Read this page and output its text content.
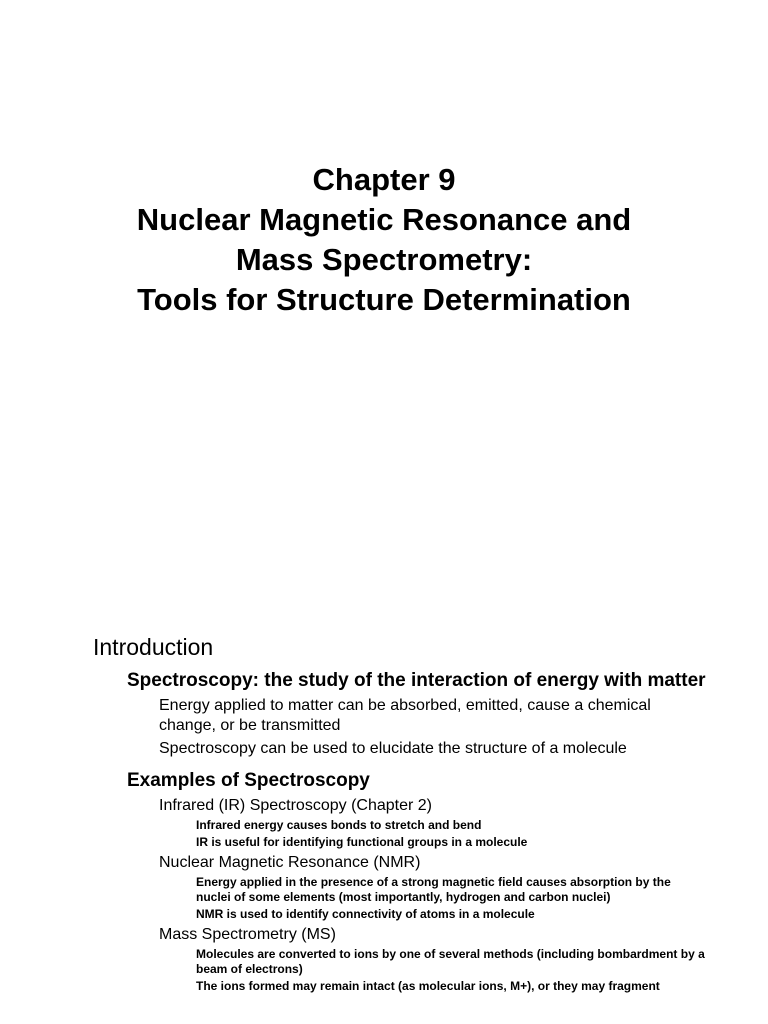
Chapter 9
Nuclear Magnetic Resonance and
Mass Spectrometry:
Tools for Structure Determination
Introduction
Spectroscopy: the study of the interaction of energy with matter
Energy applied to matter can be absorbed, emitted, cause a chemical change, or be transmitted
Spectroscopy can be used to elucidate the structure of a molecule
Examples of Spectroscopy
Infrared (IR) Spectroscopy (Chapter 2)
Infrared energy causes bonds to stretch and bend
IR is useful for identifying functional groups in a molecule
Nuclear Magnetic Resonance (NMR)
Energy applied in the presence of a strong magnetic field causes absorption by the nuclei of some elements (most importantly, hydrogen and carbon nuclei)
NMR is used to identify connectivity of atoms in a molecule
Mass Spectrometry (MS)
Molecules are converted to ions by one of several methods (including bombardment by a beam of electrons)
The ions formed may remain intact (as molecular ions, M+), or they may fragment
